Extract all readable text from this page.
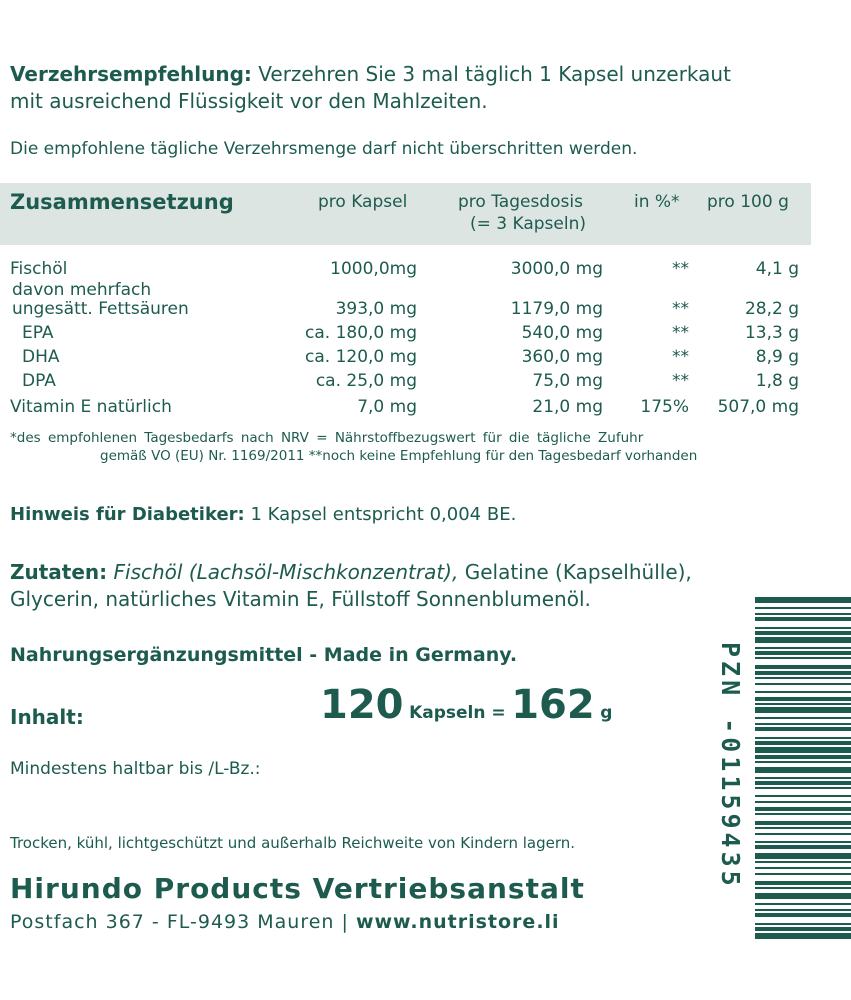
Verzehrsempfehlung: Verzehren Sie 3 mal täglich 1 Kapsel unzerkaut
mit ausreichend Flüssigkeit vor den Mahlzeiten.
Die empfohlene tägliche Verzehrsmenge darf nicht überschritten werden.
Zusammensetzung	pro Kapsel	pro Tagesdosis
(= 3 Kapseln)
in %* pro 100 g
Fischöl	1000,0mg	3000,0 mg	**	4,1 g
davon mehrfach
ungesätt. Fettsäuren	393,0 mg	1179,0 mg	**	28,2 g
EPA	ca. 180,0 mg	540,0 mg	**	13,3 g
DHA	ca. 120,0 mg	360,0 mg	**	8,9 g
DPA	ca. 25,0 mg	75,0 mg	**	1,8 g
Vitamin E natürlich	7,0 mg	21,0 mg 175% 507,0 mg
*des empfohlenen Tagesbedarfs nach NRV = Nährstoffbezugswert für die tägliche Zufuhr
gemäß VO (EU) Nr. 1169/2011 **noch keine Empfehlung für den Tagesbedarf vorhanden
Hinweis für Diabetiker: 1 Kapsel entspricht 0,004 BE.
Zutaten: Fischöl (Lachsöl-Mischkonzentrat), Gelatine (Kapselhülle),
Glycerin, natürliches Vitamin E, Füllstoff Sonnenblumenöl.
Nahrungsergänzungsmittel - Made in Germany.
Inhalt:	120 Kapseln = 162 g
Mindestens haltbar bis /L-Bz.:
Trocken, kühl, lichtgeschützt und außerhalb Reichweite von Kindern lagern.
Hirundo Products Vertriebsanstalt
Postfach 367 - FL-9493 Mauren | www.nutristore.li
PZN -01159435
